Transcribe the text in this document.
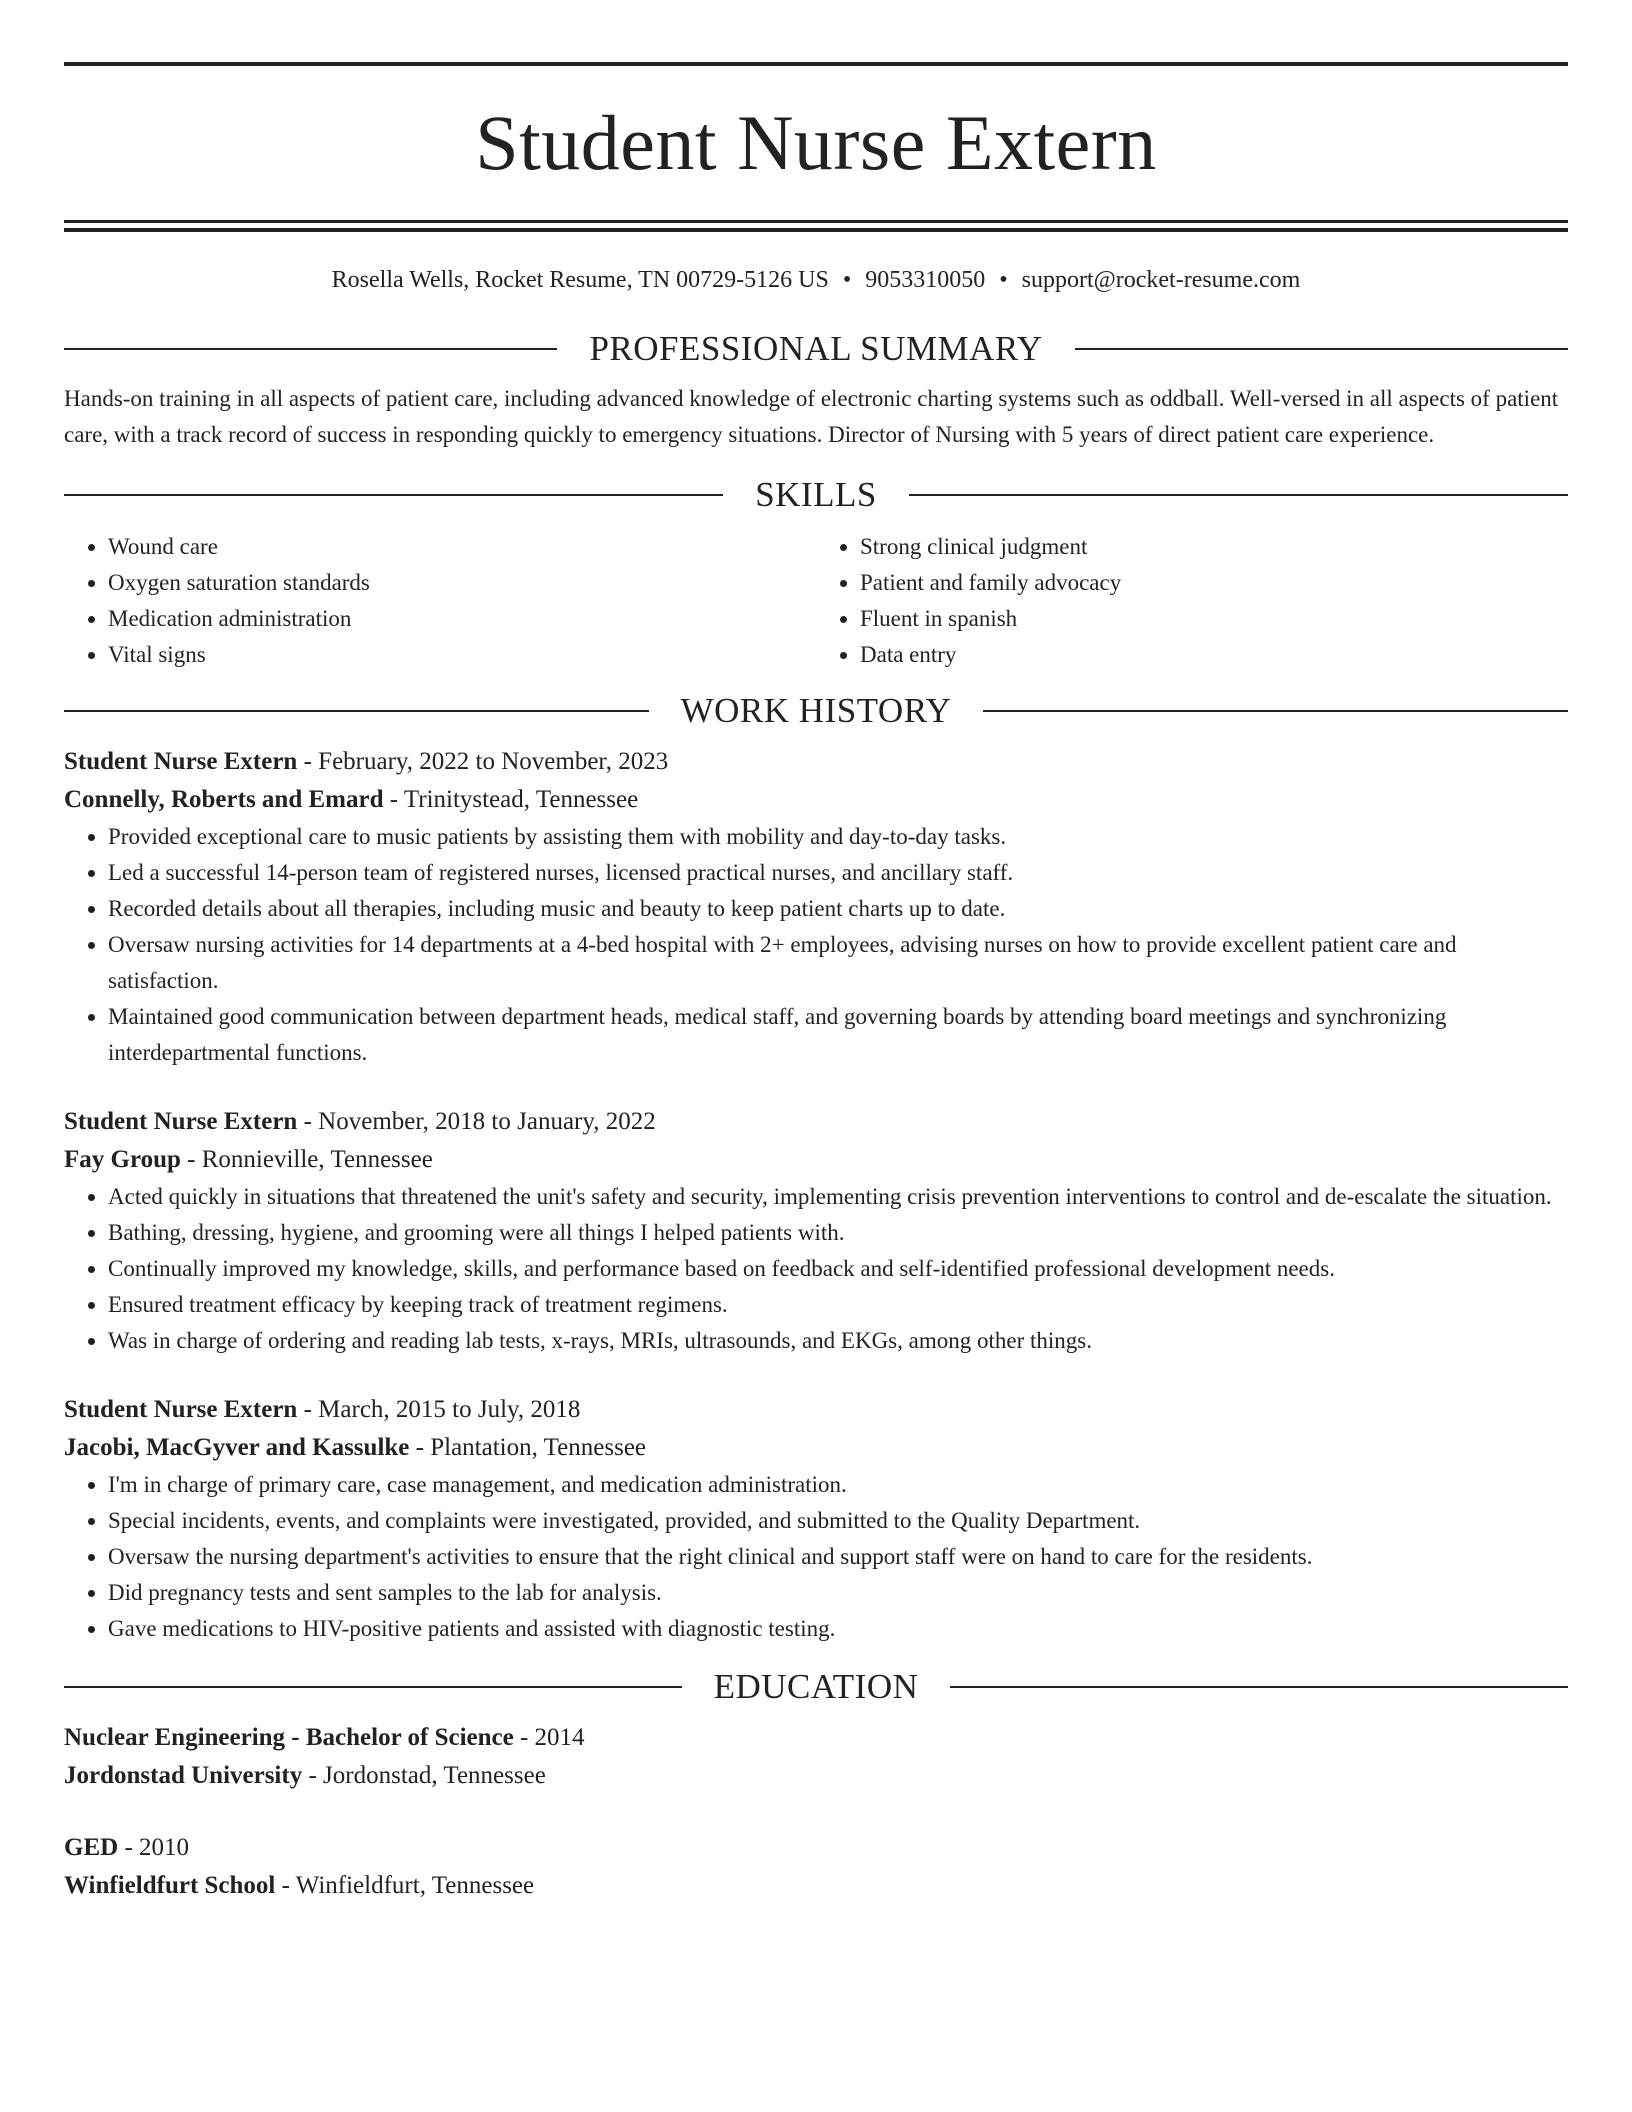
Student Nurse Extern
Rosella Wells, Rocket Resume, TN 00729-5126 US • 9053310050 • support@rocket-resume.com
PROFESSIONAL SUMMARY

Hands-on training in all aspects of patient care, including advanced knowledge of electronic charting systems such as oddball. Well-versed in all aspects of patient care, with a track record of success in responding quickly to emergency situations. Director of Nursing with 5 years of direct patient care experience.

SKILLS
• Wound care
• Oxygen saturation standards
• Medication administration
• Vital signs
• Strong clinical judgment
• Patient and family advocacy
• Fluent in spanish
• Data entry
WORK HISTORY
Student Nurse Extern - February, 2022 to November, 2023
Connelly, Roberts and Emard - Trinitystead, Tennessee
• Provided exceptional care to music patients by assisting them with mobility and day-to-day tasks.
• Led a successful 14-person team of registered nurses, licensed practical nurses, and ancillary staff.
• Recorded details about all therapies, including music and beauty to keep patient charts up to date.
• Oversaw nursing activities for 14 departments at a 4-bed hospital with 2+ employees, advising nurses on how to provide excellent patient care and satisfaction.
• Maintained good communication between department heads, medical staff, and governing boards by attending board meetings and synchronizing interdepartmental functions.
Student Nurse Extern - November, 2018 to January, 2022
Fay Group - Ronnieville, Tennessee
• Acted quickly in situations that threatened the unit's safety and security, implementing crisis prevention interventions to control and de-escalate the situation.
• Bathing, dressing, hygiene, and grooming were all things I helped patients with.
• Continually improved my knowledge, skills, and performance based on feedback and self-identified professional development needs.
• Ensured treatment efficacy by keeping track of treatment regimens.
• Was in charge of ordering and reading lab tests, x-rays, MRIs, ultrasounds, and EKGs, among other things.
Student Nurse Extern - March, 2015 to July, 2018
Jacobi, MacGyver and Kassulke - Plantation, Tennessee
• I'm in charge of primary care, case management, and medication administration.
• Special incidents, events, and complaints were investigated, provided, and submitted to the Quality Department.
• Oversaw the nursing department's activities to ensure that the right clinical and support staff were on hand to care for the residents.
• Did pregnancy tests and sent samples to the lab for analysis.
• Gave medications to HIV-positive patients and assisted with diagnostic testing.
EDUCATION
Nuclear Engineering - Bachelor of Science - 2014
Jordonstad University - Jordonstad, Tennessee
GED - 2010
Winfieldfurt School - Winfieldfurt, Tennessee
